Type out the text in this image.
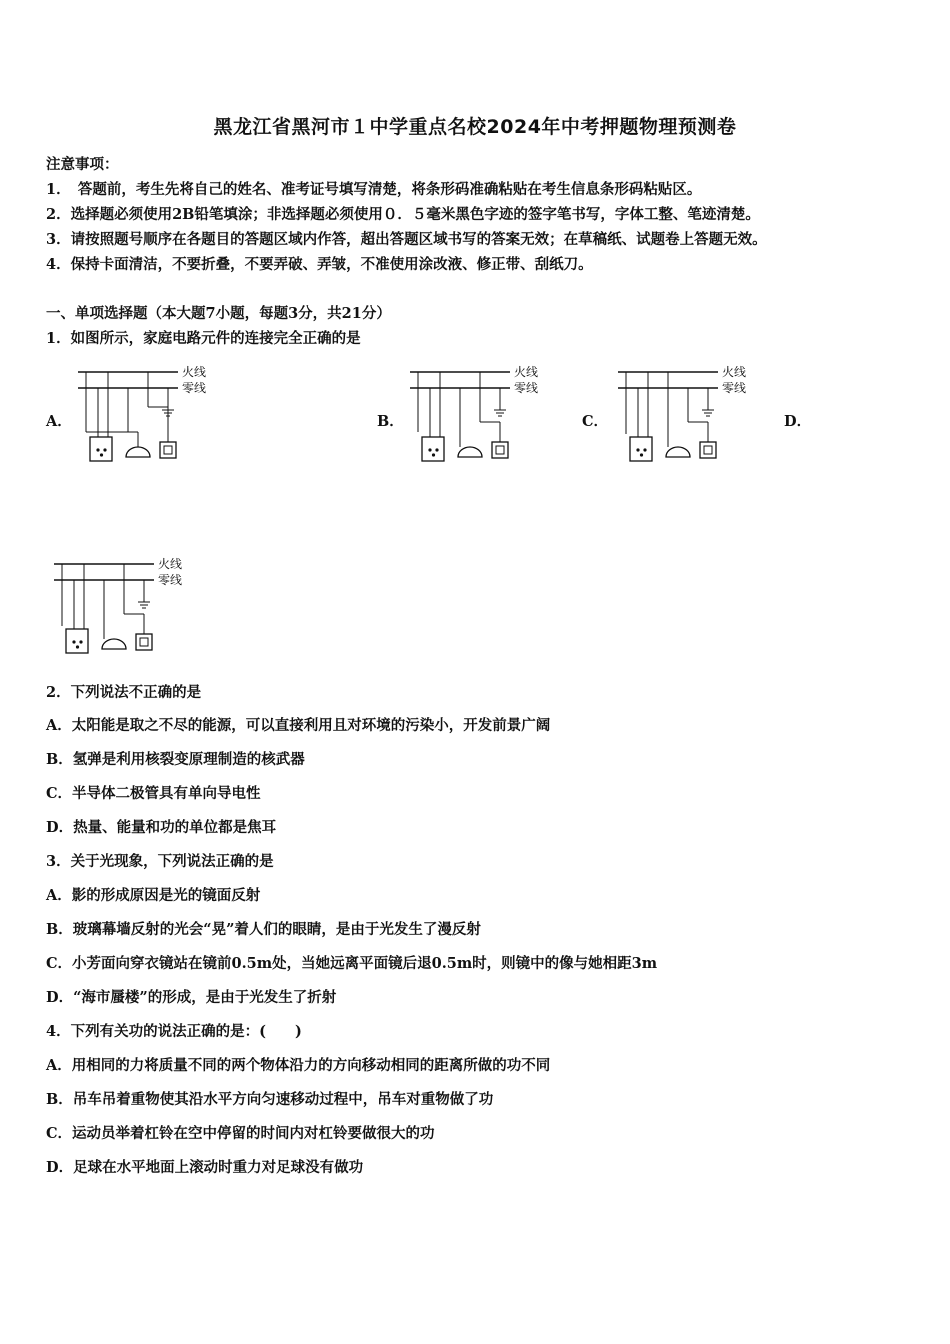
黑龙江省黑河市１中学重点名校2024年中考押题物理预测卷
注意事项：
1．　答题前，考生先将自己的姓名、准考证号填写清楚，将条形码准确粘贴在考生信息条形码粘贴区。
2．选择题必须使用2B铅笔填涂；非选择题必须使用０．５毫米黑色字迹的签字笔书写，字体工整、笔迹清楚。
3．请按照题号顺序在各题目的答题区域内作答，超出答题区域书写的答案无效；在草稿纸、试题卷上答题无效。
4．保持卡面清洁，不要折叠，不要弄破、弄皱，不准使用涂改液、修正带、刮纸刀。
一、单项选择题（本大题7小题，每题3分，共21分）
1．如图所示，家庭电路元件的连接完全正确的是
A．	B．	C．	D．
火线
零线
火线
零线
火线
零线
火线
零线
2．下列说法不正确的是
A．太阳能是取之不尽的能源，可以直接利用且对环境的污染小，开发前景广阔
B．氢弹是利用核裂变原理制造的核武器
C．半导体二极管具有单向导电性
D．热量、能量和功的单位都是焦耳
3．关于光现象，下列说法正确的是
A．影的形成原因是光的镜面反射
B．玻璃幕墙反射的光会“晃”着人们的眼睛，是由于光发生了漫反射
C．小芳面向穿衣镜站在镜前0.5m处，当她远离平面镜后退0.5m时，则镜中的像与她相距3m
D．“海市蜃楼”的形成，是由于光发生了折射
4．下列有关功的说法正确的是：(　　)
A．用相同的力将质量不同的两个物体沿力的方向移动相同的距离所做的功不同
B．吊车吊着重物使其沿水平方向匀速移动过程中，吊车对重物做了功
C．运动员举着杠铃在空中停留的时间内对杠铃要做很大的功
D．足球在水平地面上滚动时重力对足球没有做功
